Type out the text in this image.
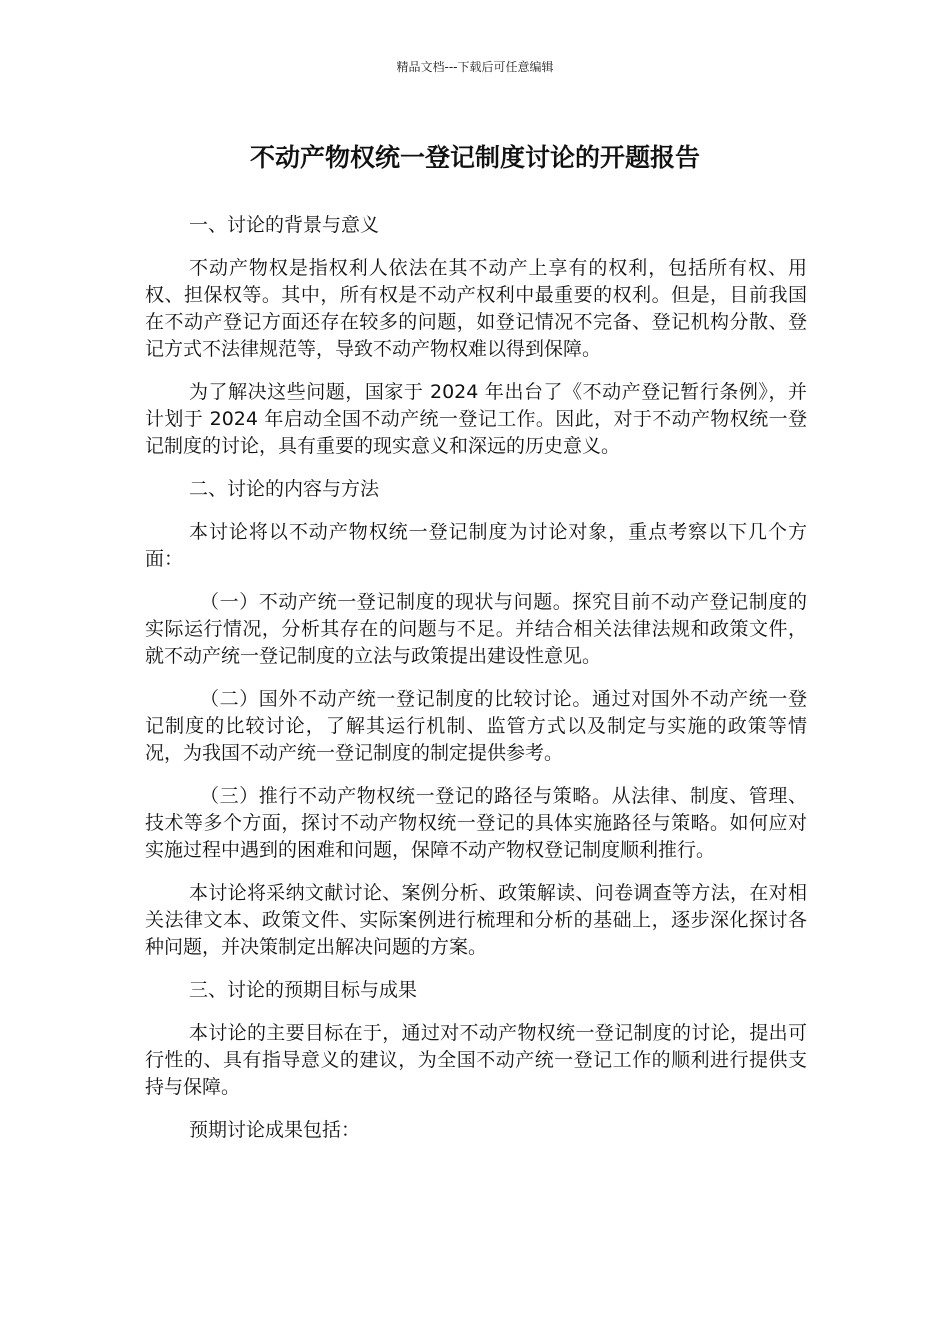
精品文档---下载后可任意编辑
不动产物权统一登记制度讨论的开题报告
一、讨论的背景与意义

不动产物权是指权利人依法在其不动产上享有的权利，包括所有权、用权、担保权等。其中，所有权是不动产权利中最重要的权利。但是，目前我国在不动产登记方面还存在较多的问题，如登记情况不完备、登记机构分散、登记方式不法律规范等，导致不动产物权难以得到保障。

为了解决这些问题，国家于 2024 年出台了《不动产登记暂行条例》，并计划于 2024 年启动全国不动产统一登记工作。因此，对于不动产物权统一登记制度的讨论，具有重要的现实意义和深远的历史意义。

二、讨论的内容与方法

本讨论将以不动产物权统一登记制度为讨论对象，重点考察以下几个方面：

（一）不动产统一登记制度的现状与问题。探究目前不动产登记制度的实际运行情况，分析其存在的问题与不足。并结合相关法律法规和政策文件，就不动产统一登记制度的立法与政策提出建设性意见。

（二）国外不动产统一登记制度的比较讨论。通过对国外不动产统一登记制度的比较讨论，了解其运行机制、监管方式以及制定与实施的政策等情况，为我国不动产统一登记制度的制定提供参考。

（三）推行不动产物权统一登记的路径与策略。从法律、制度、管理、技术等多个方面，探讨不动产物权统一登记的具体实施路径与策略。如何应对实施过程中遇到的困难和问题，保障不动产物权登记制度顺利推行。

本讨论将采纳文献讨论、案例分析、政策解读、问卷调查等方法，在对相关法律文本、政策文件、实际案例进行梳理和分析的基础上，逐步深化探讨各种问题，并决策制定出解决问题的方案。

三、讨论的预期目标与成果

本讨论的主要目标在于，通过对不动产物权统一登记制度的讨论，提出可行性的、具有指导意义的建议，为全国不动产统一登记工作的顺利进行提供支持与保障。

预期讨论成果包括：
